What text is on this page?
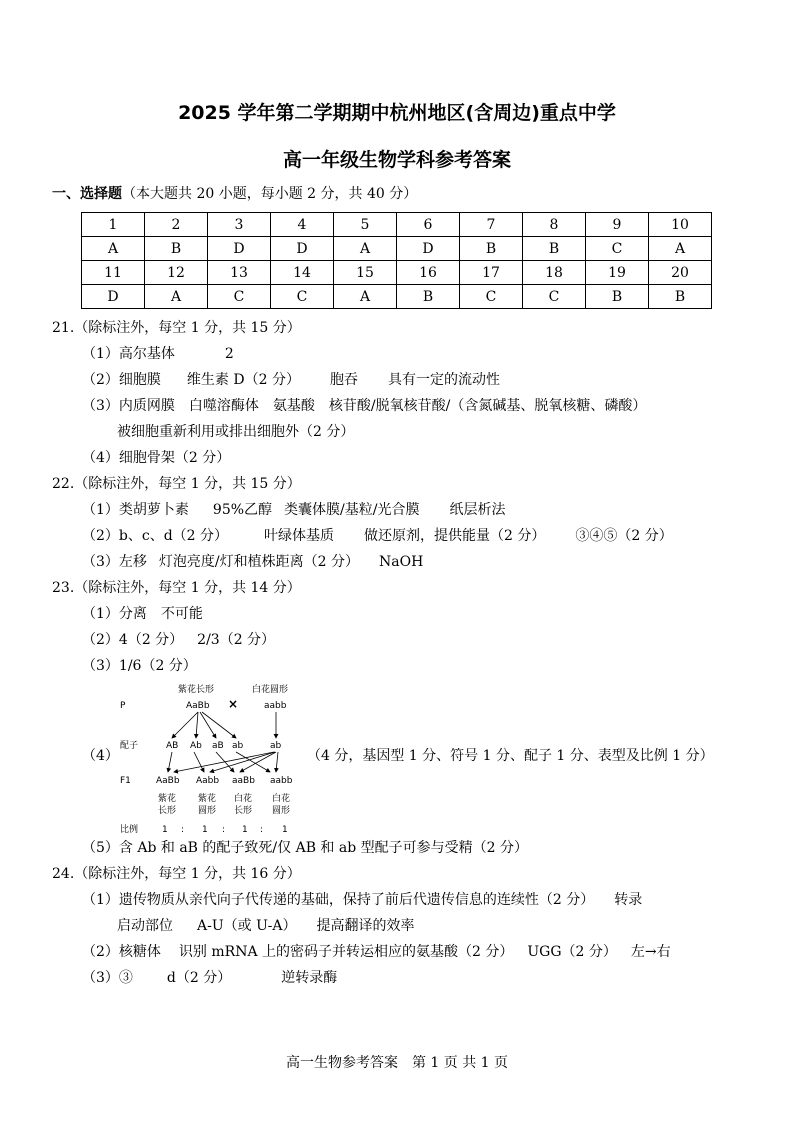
2025 学年第二学期期中杭州地区(含周边)重点中学
高一年级生物学科参考答案
一、选择题（本大题共 20 小题，每小题 2 分，共 40 分）
1	2	3	4	5	6	7	8	9	10
A	B	D	D	A	D	B	B	C	A
11	12	13	14	15	16	17	18	19	20
D	A	C	C	A	B	C	C	B	B
21.（除标注外，每空 1 分，共 15 分）
（1）高尔基体	2
（2）细胞膜 维生素 D（2 分） 胞吞 具有一定的流动性
（3）内质网膜 白噬溶酶体 氨基酸 核苷酸/脱氧核苷酸/（含氮碱基、脱氧核糖、磷酸）
被细胞重新利用或排出细胞外（2 分）
（4）细胞骨架（2 分）
22.（除标注外，每空 1 分，共 15 分）
（1）类胡萝卜素 95%乙醇 类囊体膜/基粒/光合膜 纸层析法
（2）b、c、d（2 分）	叶绿体基质 做还原剂，提供能量（2 分） ③④⑤（2 分）
（3）左移 灯泡亮度/灯和植株距离（2 分） NaOH
23.（除标注外，每空 1 分，共 14 分）
（1）分离 不可能
（2）4（2 分） 2/3（2 分）
（3）1/6（2 分）
（4）
P
紫花长形
AaBb ×
白花圆形
aabb
配子	AB Ab aB ab	ab
F1	AaBb Aabb aaBb aabb
紫花 紫花 白花 白花
长形 圆形 长形 圆形
比例	1 : 1 : 1 : 1
（4 分，基因型 1 分、符号 1 分、配子 1 分、表型及比例 1 分）
（5）含 Ab 和 aB 的配子致死/仅 AB 和 ab 型配子可参与受精（2 分）
24.（除标注外，每空 1 分，共 16 分）
（1）遗传物质从亲代向子代传递的基础，保持了前后代遗传信息的连续性（2 分） 转录
启动部位 A-U（或 U-A） 提高翻译的效率
（2）核糖体 识别 mRNA 上的密码子并转运相应的氨基酸（2 分） UGG（2 分） 左→右
（3）③ d（2 分）	逆转录酶
高一生物参考答案　第 1 页 共 1 页
